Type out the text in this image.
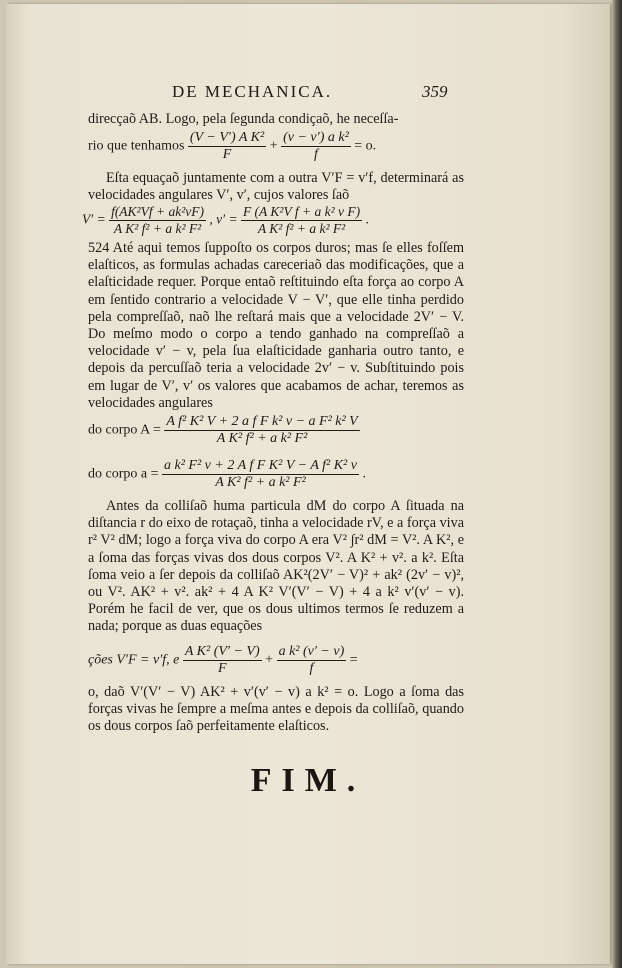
DE MECHANICA.	359

direcçaõ AB. Logo, pela ſegunda condiçaõ, he neceſſa-

rio que tenhamos $\frac{\text{(V − V′) A K²}}{F} + \frac{\text{(v − v′) a k²}}{f} = o$.

Eſta equaçaõ juntamente com a outra V′F = v′f, determinará as velocidades angulares V′, v′, cujos valores ſaõ

$V' = \frac{\text{f(AK²Vf + ak²vF)}}{\text{A K² f² + a k² F²}}$ , $v' = \frac{\text{F (A K²V f + a k² v F)}}{\text{A K² f² + a k² F²}}$ .

524 Até aqui temos ſuppoſto os corpos duros; mas ſe elles foſſem elaſticos, as formulas achadas careceriaõ das modificações, que a elaſticidade requer. Porque entaõ reſtituindo eſta força ao corpo A em ſentido contrario a velocidade V − V′, que elle tinha perdido pela compreſſaõ, naõ lhe reſtará mais que a velocidade 2V′ − V. Do meſmo modo o corpo a tendo ganhado na compreſſaõ a velocidade v′ − v, pela ſua elaſticidade ganharia outro tanto, e depois da percuſſaõ teria a velocidade 2v′ − v. Subſtituindo pois em lugar de V′, v′ os valores que acabamos de achar, teremos as velocidades angulares

do corpo $A = \frac{\text{A f² K² V + 2 a f F k² v − a F² k² V}}{\text{A K² f² + a k² F²}}$
do corpo $a = \frac{\text{a k² F² v + 2 A f F K² V − A f² K² v}}{\text{A K² f² + a k² F²}}$ .

Antes da colliſaõ huma particula dM do corpo A ſituada na diſtancia r do eixo de rotaçaõ, tinha a velocidade rV, e a força viva r² V² dM; logo a força viva do corpo A era V² ∫r² dM = V². A K², e a ſoma das forças vivas dos dous corpos V². A K² + v². a k². Eſta ſoma veio a ſer depois da colliſaõ AK²(2V′ − V)² + ak² (2v′ − v)², ou V². AK² + v². ak² + 4 A K² V′(V′ − V) + 4 a k² v′(v′ − v). Porém he facil de ver, que os dous ultimos termos ſe reduzem a nada; porque as duas equações

ções V′F = v′f, e $\frac{\text{A K² (V′ − V)}}{F} + \frac{\text{a k² (v′ − v)}}{f}$ =

o, daõ V′(V′ − V) AK² + v′(v′ − v) a k² = o. Logo a ſoma das forças vivas he ſempre a meſma antes e depois da colliſaõ, quando os dous corpos ſaõ perfeitamente elaſticos.

FIM.
